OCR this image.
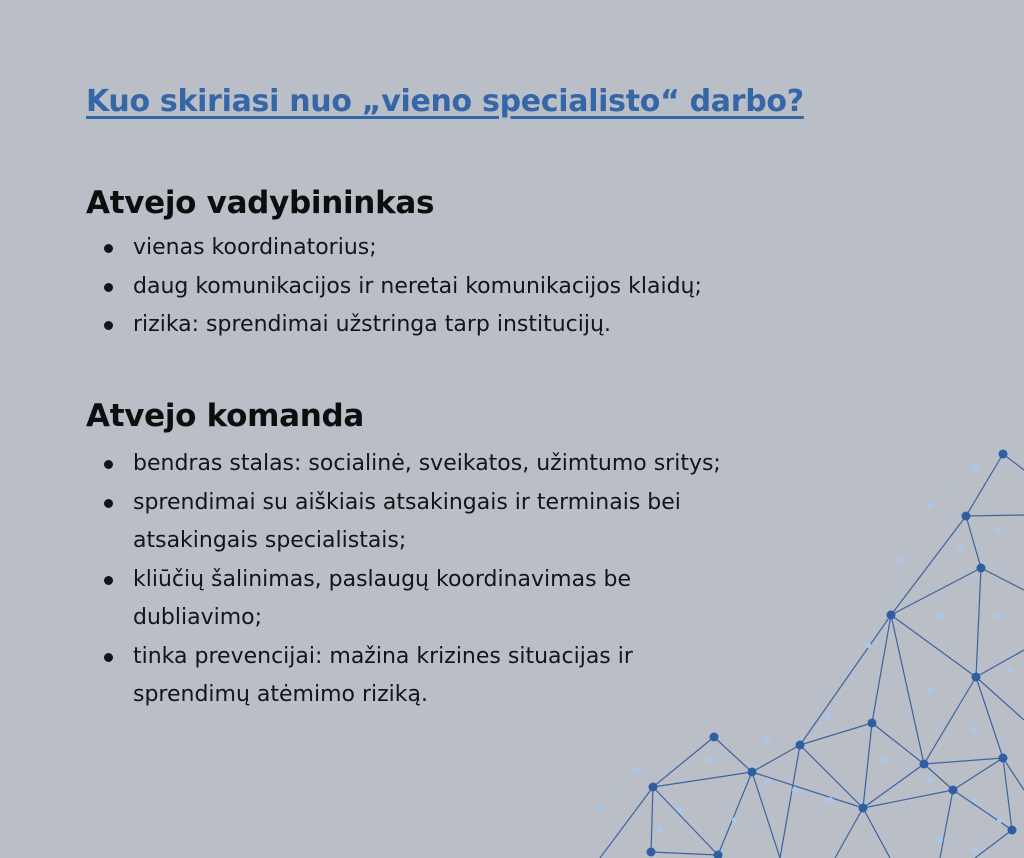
Kuo skiriasi nuo „vieno specialisto“ darbo?
Atvejo vadybininkas
vienas koordinatorius;
daug komunikacijos ir neretai komunikacijos klaidų;
rizika: sprendimai užstringa tarp institucijų.
Atvejo komanda
bendras stalas: socialinė, sveikatos, užimtumo sritys;
sprendimai su aiškiais atsakingais ir terminais bei
atsakingais specialistais;
kliūčių šalinimas, paslaugų koordinavimas be
dubliavimo;
tinka prevencijai: mažina krizines situacijas ir
sprendimų atėmimo riziką.
